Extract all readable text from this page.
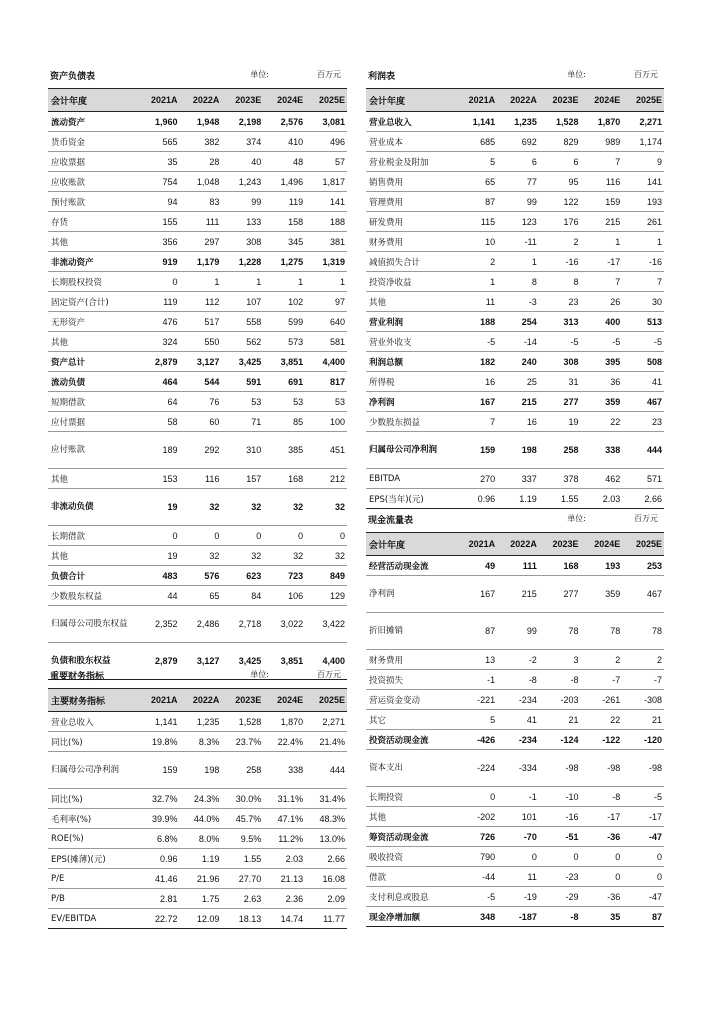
资产负债表	单位:	百万元
会计年度	2021A	2022A	2023E	2024E	2025E
流动资产	1,960	1,948	2,198	2,576	3,081
货币资金	565	382	374	410	496
应收票据	35	28	40	48	57
应收账款	754	1,048	1,243	1,496	1,817
预付账款	94	83	99	119	141
存货	155	111	133	158	188
其他	356	297	308	345	381
非流动资产	919	1,179	1,228	1,275	1,319
长期股权投资	0	1	1	1	1
固定资产(合计)	119	112	107	102	97
无形资产	476	517	558	599	640
其他	324	550	562	573	581
资产总计	2,879	3,127	3,425	3,851	4,400
流动负债	464	544	591	691	817
短期借款	64	76	53	53	53
应付票据	58	60	71	85	100
应付账款	189	292	310	385	451
其他	153	116	157	168	212
非流动负债	19	32	32	32	32
长期借款	0	0	0	0	0
其他	19	32	32	32	32
负债合计	483	576	623	723	849
少数股东权益	44	65	84	106	129
归属母公司股东权益	2,352	2,486	2,718	3,022	3,422
负债和股东权益	2,879	3,127	3,425	3,851	4,400
利润表	单位:	百万元
会计年度	2021A	2022A	2023E	2024E	2025E
营业总收入	1,141	1,235	1,528	1,870	2,271
营业成本	685	692	829	989	1,174
营业税金及附加	5	6	6	7	9
销售费用	65	77	95	116	141
管理费用	87	99	122	159	193
研发费用	115	123	176	215	261
财务费用	10	-11	2	1	1
减值损失合计	2	1	-16	-17	-16
投资净收益	1	8	8	7	7
其他	11	-3	23	26	30
营业利润	188	254	313	400	513
营业外收支	-5	-14	-5	-5	-5
利润总额	182	240	308	395	508
所得税	16	25	31	36	41
净利润	167	215	277	359	467
少数股东损益	7	16	19	22	23
归属母公司净利润	159	198	258	338	444
EBITDA	270	337	378	462	571
EPS(当年)(元)	0.96	1.19	1.55	2.03	2.66
现金流量表	单位:	百万元
会计年度	2021A	2022A	2023E	2024E	2025E
经营活动现金流	49	111	168	193	253
净利润	167	215	277	359	467
折旧摊销	87	99	78	78	78
财务费用	13	-2	3	2	2
投资损失	-1	-8	-8	-7	-7
营运资金变动	-221	-234	-203	-261	-308
其它	5	41	21	22	21
投资活动现金流	-426	-234	-124	-122	-120
资本支出	-224	-334	-98	-98	-98
长期投资	0	-1	-10	-8	-5
其他	-202	101	-16	-17	-17
筹资活动现金流	726	-70	-51	-36	-47
吸收投资	790	0	0	0	0
借款	-44	11	-23	0	0
支付利息或股息	-5	-19	-29	-36	-47
现金净增加额	348	-187	-8	35	87
重要财务指标	单位:	百万元
主要财务指标	2021A	2022A	2023E	2024E	2025E
营业总收入	1,141	1,235	1,528	1,870	2,271
同比(%)	19.8%	8.3%	23.7%	22.4%	21.4%
归属母公司净利润	159	198	258	338	444
同比(%)	32.7%	24.3%	30.0%	31.1%	31.4%
毛利率(%)	39.9%	44.0%	45.7%	47.1%	48.3%
ROE(%)	6.8%	8.0%	9.5%	11.2%	13.0%
EPS(摊薄)(元)	0.96	1.19	1.55	2.03	2.66
P/E	41.46	21.96	27.70	21.13	16.08
P/B	2.81	1.75	2.63	2.36	2.09
EV/EBITDA	22.72	12.09	18.13	14.74	11.77
